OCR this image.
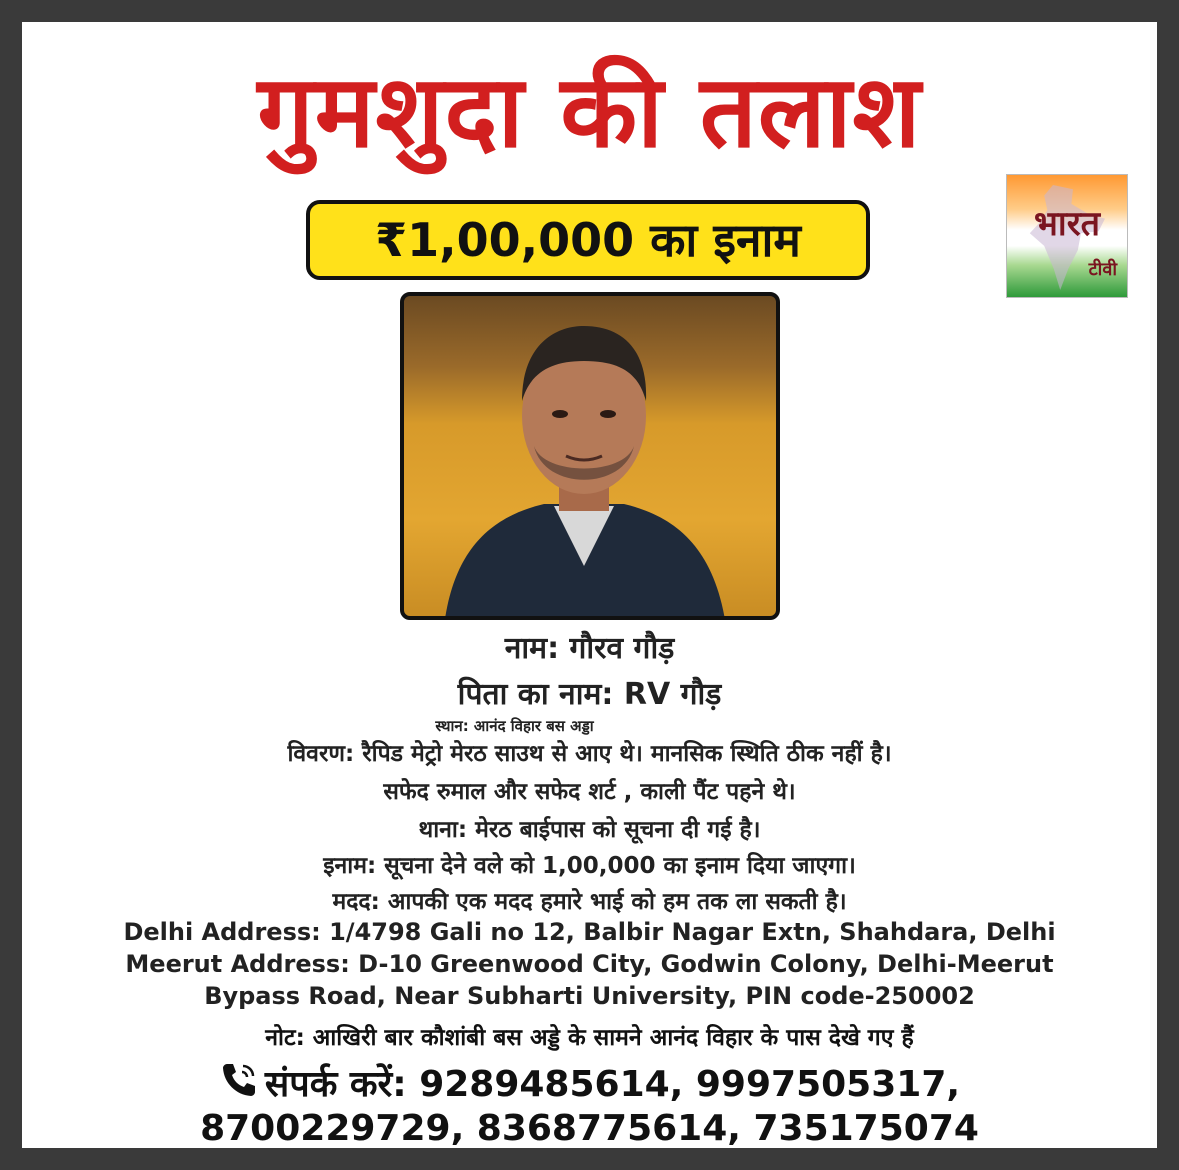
गुमशुदा की तलाश
₹1,00,000 का इनाम	भारत
टीवी
नाम: गौरव गौड़
पिता का नाम: RV गौड़
स्थान: आनंद विहार बस अड्डा
विवरण: रैपिड मेट्रो मेरठ साउथ से आए थे। मानसिक स्थिति ठीक नहीं है।
सफेद रुमाल और सफेद शर्ट , काली पैंट पहने थे।
थाना: मेरठ बाईपास को सूचना दी गई है।
इनाम: सूचना देने वले को 1,00,000 का इनाम दिया जाएगा।
मदद: आपकी एक मदद हमारे भाई को हम तक ला सकती है।
Delhi Address: 1/4798 Gali no 12, Balbir Nagar Extn, Shahdara, Delhi
Meerut Address: D-10 Greenwood City, Godwin Colony, Delhi-Meerut
Bypass Road, Near Subharti University, PIN code-250002
नोट: आखिरी बार कौशांबी बस अड्डे के सामने आनंद विहार के पास देखे गए हैं
संपर्क करें: 9289485614, 9997505317,
8700229729, 8368775614, 735175074
